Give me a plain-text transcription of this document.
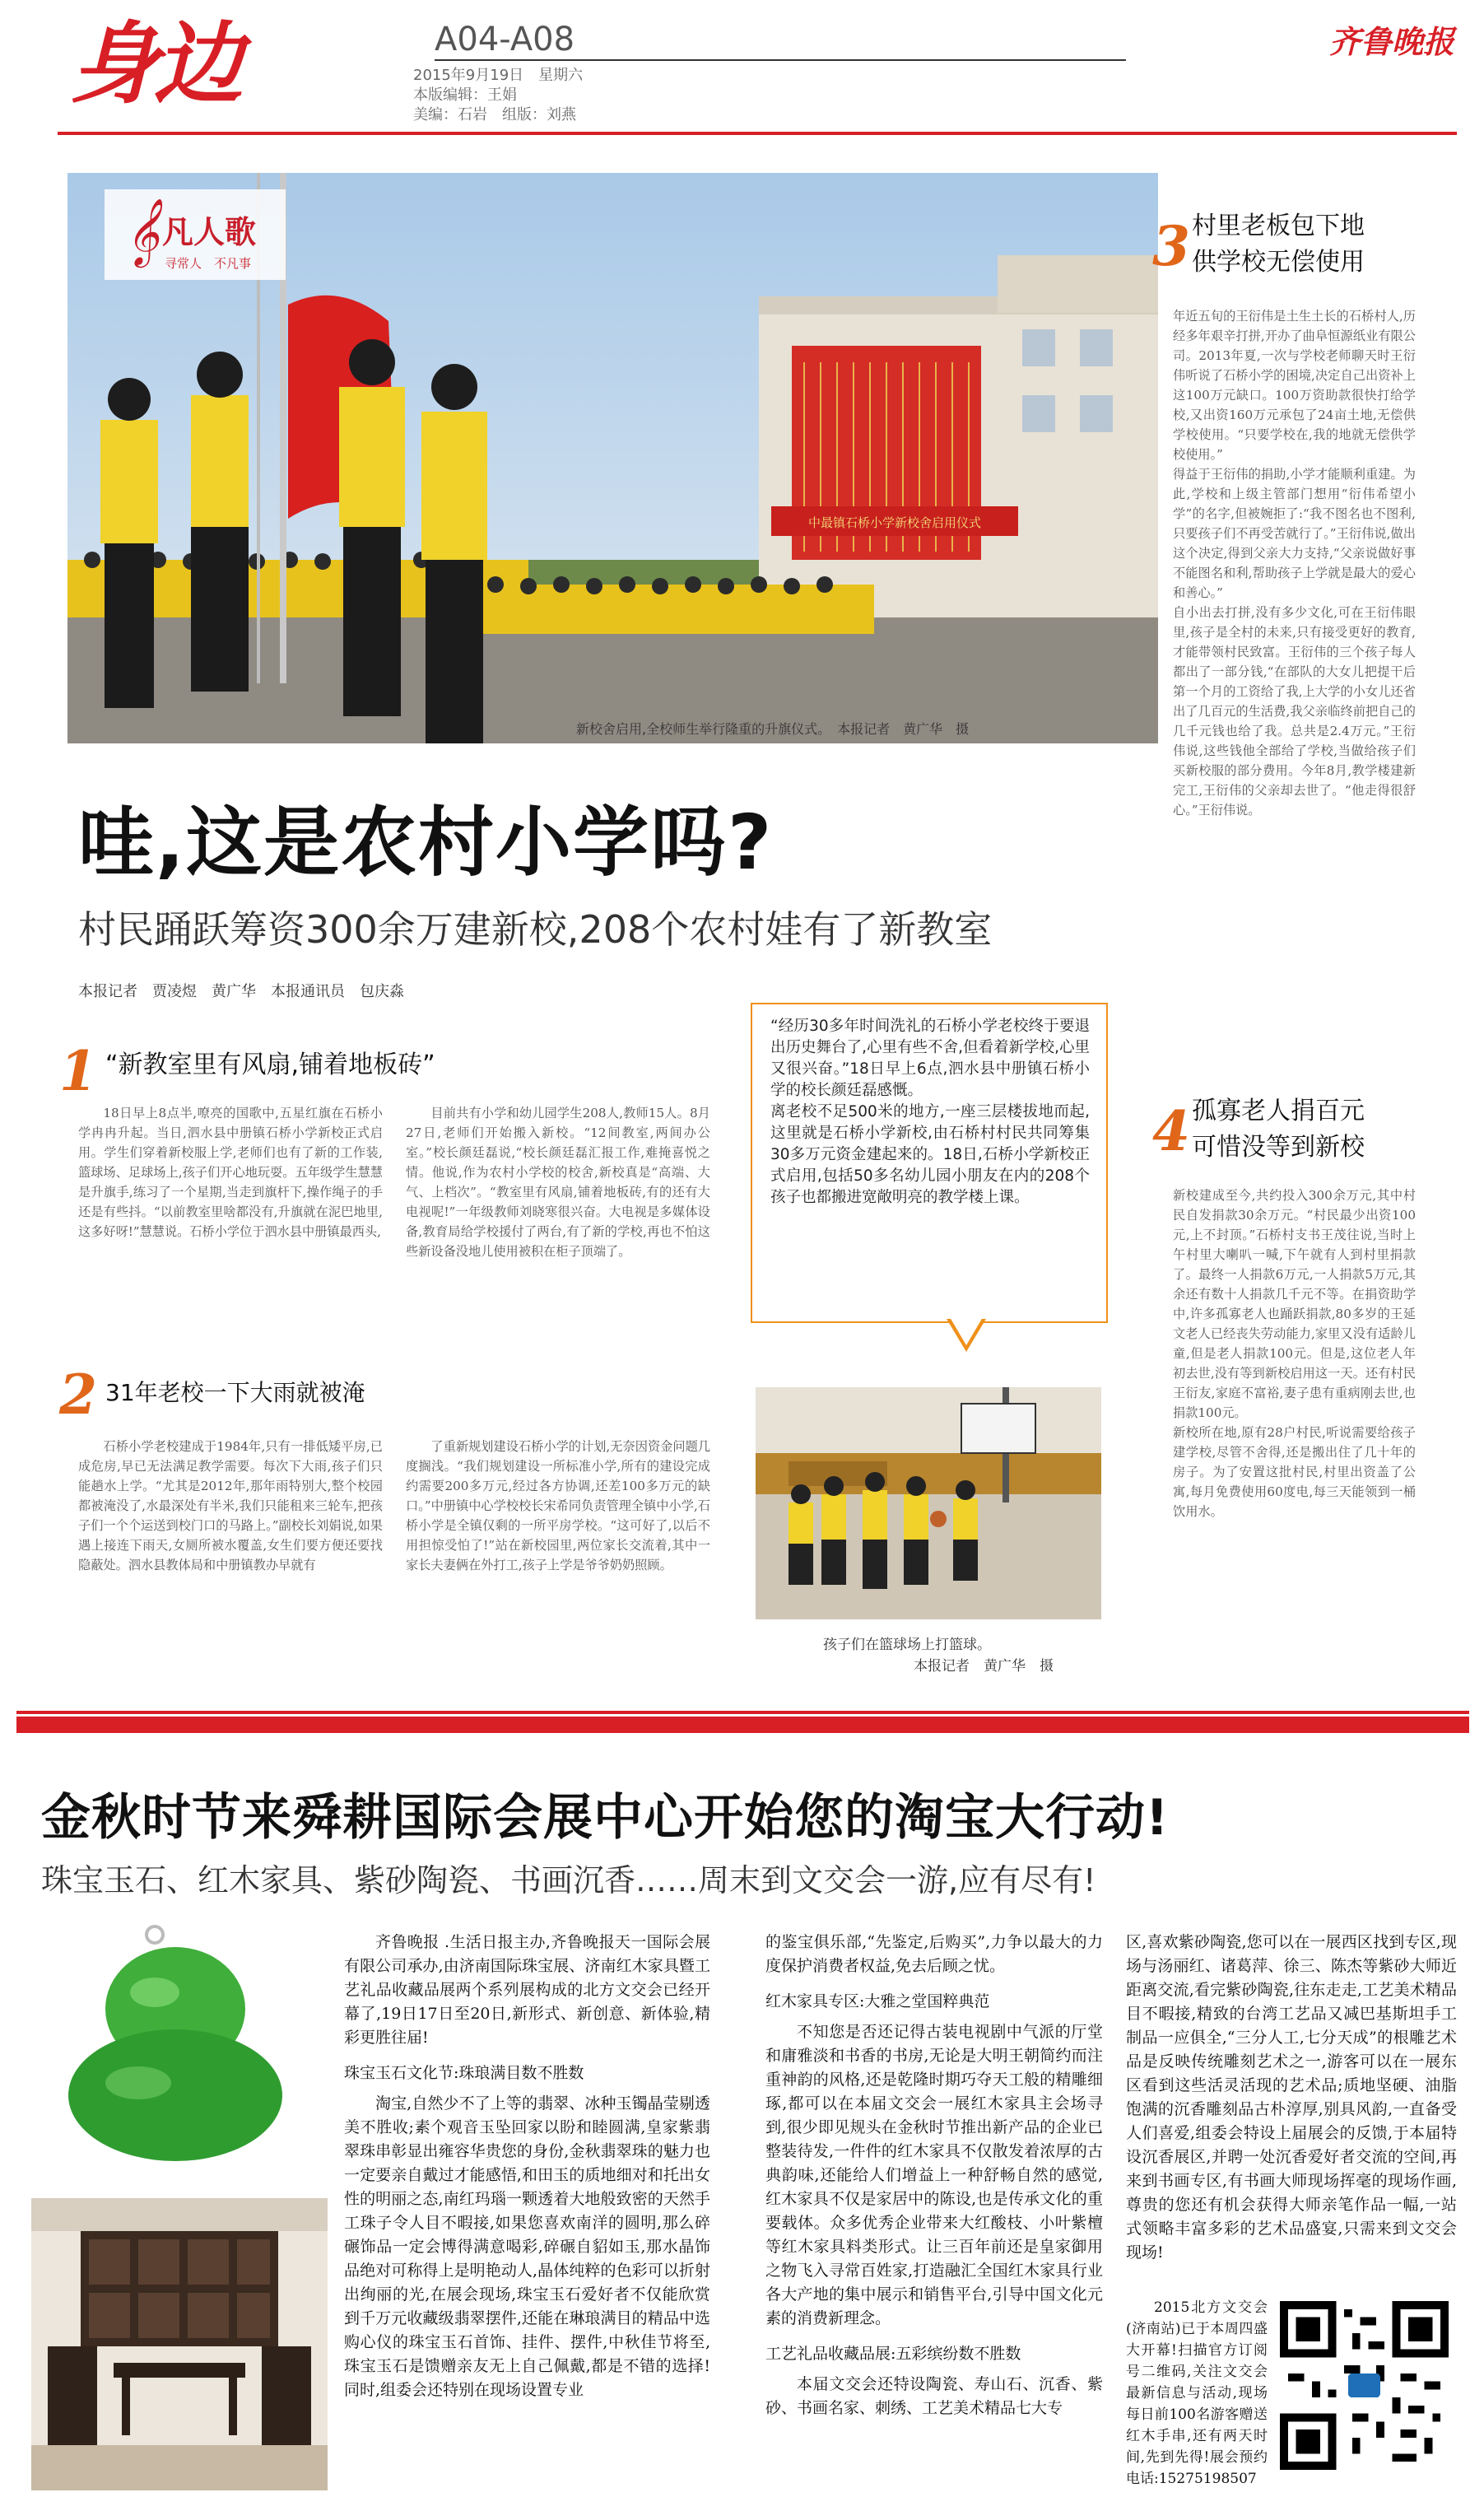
身边	A04-A08
2015年9月19日　星期六
本版编辑：王娟
美编：石岩　组版：刘燕
齐鲁晚报
中最镇石桥小学新校舍启用仪式
𝄞 凡人歌
寻常人　不凡事
新校舍启用,全校师生举行隆重的升旗仪式。　本报记者　黄广华　摄
哇,这是农村小学吗?
村民踊跃筹资300余万建新校,208个农村娃有了新教室
本报记者　贾凌煜　黄广华　本报通讯员　包庆淼
1 “新教室里有风扇,铺着地板砖”

18日早上8点半,嘹亮的国歌中,五星红旗在石桥小学冉冉升起。当日,泗水县中册镇石桥小学新校正式启用。学生们穿着新校服上学,老师们也有了新的工作装,篮球场、足球场上,孩子们开心地玩耍。五年级学生慧慧是升旗手,练习了一个星期,当走到旗杆下,操作绳子的手还是有些抖。“以前教室里啥都没有,升旗就在泥巴地里,这多好呀!”慧慧说。石桥小学位于泗水县中册镇最西头,

目前共有小学和幼儿园学生208人,教师15人。8月27日,老师们开始搬入新校。“12间教室,两间办公室。”校长颜廷磊说,“校长颜廷磊汇报工作,难掩喜悦之情。他说,作为农村小学校的校舍,新校真是“高端、大气、上档次”。“教室里有风扇,铺着地板砖,有的还有大电视呢!”一年级教师刘晓寒很兴奋。大电视是多媒体设备,教育局给学校援付了两台,有了新的学校,再也不怕这些新设备没地儿使用被积在柜子顶端了。

2 31年老校一下大雨就被淹

石桥小学老校建成于1984年,只有一排低矮平房,已成危房,早已无法满足教学需要。每次下大雨,孩子们只能趟水上学。“尤其是2012年,那年雨特别大,整个校园都被淹没了,水最深处有半米,我们只能租来三轮车,把孩子们一个个运送到校门口的马路上。”副校长刘娟说,如果遇上接连下雨天,女厕所被水覆盖,女生们要方便还要找隐蔽处。泗水县教体局和中册镇教办早就有

了重新规划建设石桥小学的计划,无奈因资金问题几度搁浅。“我们规划建设一所标准小学,所有的建设完成约需要200多万元,经过各方协调,还差100多万元的缺口。”中册镇中心学校校长宋希同负责管理全镇中小学,石桥小学是全镇仅剩的一所平房学校。“这可好了,以后不用担惊受怕了!”站在新校园里,两位家长交流着,其中一家长夫妻俩在外打工,孩子上学是爷爷奶奶照顾。

“经历30多年时间洗礼的石桥小学老校终于要退出历史舞台了,心里有些不舍,但看着新学校,心里又很兴奋。”18日早上6点,泗水县中册镇石桥小学的校长颜廷磊感慨。
离老校不足500米的地方,一座三层楼拔地而起,这里就是石桥小学新校,由石桥村村民共同筹集30多万元资金建起来的。18日,石桥小学新校正式启用,包括50多名幼儿园小朋友在内的208个孩子也都搬进宽敞明亮的教学楼上课。
孩子们在篮球场上打篮球。
本报记者　黄广华　摄
3 村里老板包下地
供学校无偿使用
年近五旬的王衍伟是土生土长的石桥村人,历经多年艰辛打拼,开办了曲阜恒源纸业有限公司。2013年夏,一次与学校老师聊天时王衍伟听说了石桥小学的困境,决定自己出资补上这100万元缺口。100万资助款很快打给学校,又出资160万元承包了24亩土地,无偿供学校使用。“只要学校在,我的地就无偿供学校使用。”
得益于王衍伟的捐助,小学才能顺利重建。为此,学校和上级主管部门想用“衍伟希望小学”的名字,但被婉拒了:“我不图名也不图利,只要孩子们不再受苦就行了。”王衍伟说,做出这个决定,得到父亲大力支持,“父亲说做好事不能图名和利,帮助孩子上学就是最大的爱心和善心。”
自小出去打拼,没有多少文化,可在王衍伟眼里,孩子是全村的未来,只有接受更好的教育,才能带领村民致富。王衍伟的三个孩子每人都出了一部分钱,“在部队的大女儿把提干后第一个月的工资给了我,上大学的小女儿还省出了几百元的生活费,我父亲临终前把自己的几千元钱也给了我。总共是2.4万元。”王衍伟说,这些钱他全部给了学校,当做给孩子们买新校服的部分费用。今年8月,教学楼建新完工,王衍伟的父亲却去世了。“他走得很舒心。”王衍伟说。
4 孤寡老人捐百元
可惜没等到新校
新校建成至今,共约投入300余万元,其中村民自发捐款30余万元。“村民最少出资100元,上不封顶。”石桥村支书王茂往说,当时上午村里大喇叭一喊,下午就有人到村里捐款了。最终一人捐款6万元,一人捐款5万元,其余还有数十人捐款几千元不等。在捐资助学中,许多孤寡老人也踊跃捐款,80多岁的王延文老人已经丧失劳动能力,家里又没有适龄儿童,但是老人捐款100元。但是,这位老人年初去世,没有等到新校启用这一天。还有村民王衍友,家庭不富裕,妻子患有重病刚去世,也捐款100元。
新校所在地,原有28户村民,听说需要给孩子建学校,尽管不舍得,还是搬出住了几十年的房子。为了安置这批村民,村里出资盖了公寓,每月免费使用60度电,每三天能领到一桶饮用水。
金秋时节来舜耕国际会展中心开始您的淘宝大行动!
珠宝玉石、红木家具、紫砂陶瓷、书画沉香……周末到文交会一游,应有尽有!

齐鲁晚报 .生活日报主办,齐鲁晚报天一国际会展有限公司承办,由济南国际珠宝展、济南红木家具暨工艺礼品收藏品展两个系列展构成的北方文交会已经开幕了,19日17日至20日,新形式、新创意、新体验,精彩更胜往届!

珠宝玉石文化节:珠琅满目数不胜数

淘宝,自然少不了上等的翡翠、冰种玉镯晶莹剔透美不胜收;素个观音玉坠回家以盼和睦圆满,皇家紫翡翠珠串彰显出雍容华贵您的身份,金秋翡翠珠的魅力也一定要亲自戴过才能感悟,和田玉的质地细对和托出女性的明丽之态,南红玛瑙一颗透着大地般致密的天然手工珠子令人目不暇接,如果您喜欢南洋的圆明,那么碎碾饰品一定会博得满意喝彩,碎碾自貂如玉,那水晶饰品绝对可称得上是明艳动人,晶体纯粹的色彩可以折射出绚丽的光,在展会现场,珠宝玉石爱好者不仅能欣赏到千万元收藏级翡翠摆件,还能在琳琅满目的精品中选购心仪的珠宝玉石首饰、挂件、摆件,中秋佳节将至,珠宝玉石是馈赠亲友无上自己佩戴,都是不错的选择!同时,组委会还特别在现场设置专业

的鉴宝俱乐部,“先鉴定,后购买”,力争以最大的力度保护消费者权益,免去后顾之忧。

红木家具专区:大雅之堂国粹典范

不知您是否还记得古装电视剧中气派的厅堂和庸雅淡和书香的书房,无论是大明王朝简约而注重神韵的风格,还是乾隆时期巧夺天工般的精雕细琢,都可以在本届文交会一展红木家具主会场寻到,很少即见规头在金秋时节推出新产品的企业已整装待发,一件件的红木家具不仅散发着浓厚的古典韵味,还能给人们增益上一种舒畅自然的感觉,红木家具不仅是家居中的陈设,也是传承文化的重要载体。众多优秀企业带来大红酸枝、小叶紫檀等红木家具料类形式。让三百年前还是皇家御用之物飞入寻常百姓家,打造融汇全国红木家具行业各大产地的集中展示和销售平台,引导中国文化元素的消费新理念。

工艺礼品收藏品展:五彩缤纷数不胜数

本届文交会还特设陶瓷、寿山石、沉香、紫砂、书画名家、刺绣、工艺美术精品七大专

区,喜欢紫砂陶瓷,您可以在一展西区找到专区,现场与汤丽红、诸葛萍、徐三、陈杰等紫砂大师近距离交流,看完紫砂陶瓷,往东走走,工艺美术精品目不暇接,精致的台湾工艺品又减巴基斯坦手工制品一应俱全,“三分人工,七分天成”的根雕艺术品是反映传统雕刻艺术之一,游客可以在一展东区看到这些活灵活现的艺术品;质地坚硬、油脂饱满的沉香雕刻品古朴淳厚,别具风韵,一直备受人们喜爱,组委会特设上届展会的反馈,于本届特设沉香展区,并聘一处沉香爱好者交流的空间,再来到书画专区,有书画大师现场挥毫的现场作画,尊贵的您还有机会获得大师亲笔作品一幅,一站式领略丰富多彩的艺术品盛宴,只需来到文交会现场!

2015北方文交会(济南站)已于本周四盛大开幕!扫描官方订阅号二维码,关注文交会最新信息与活动,现场每日前100名游客赠送红木手串,还有两天时间,先到先得!展会预约电话:15275198507
